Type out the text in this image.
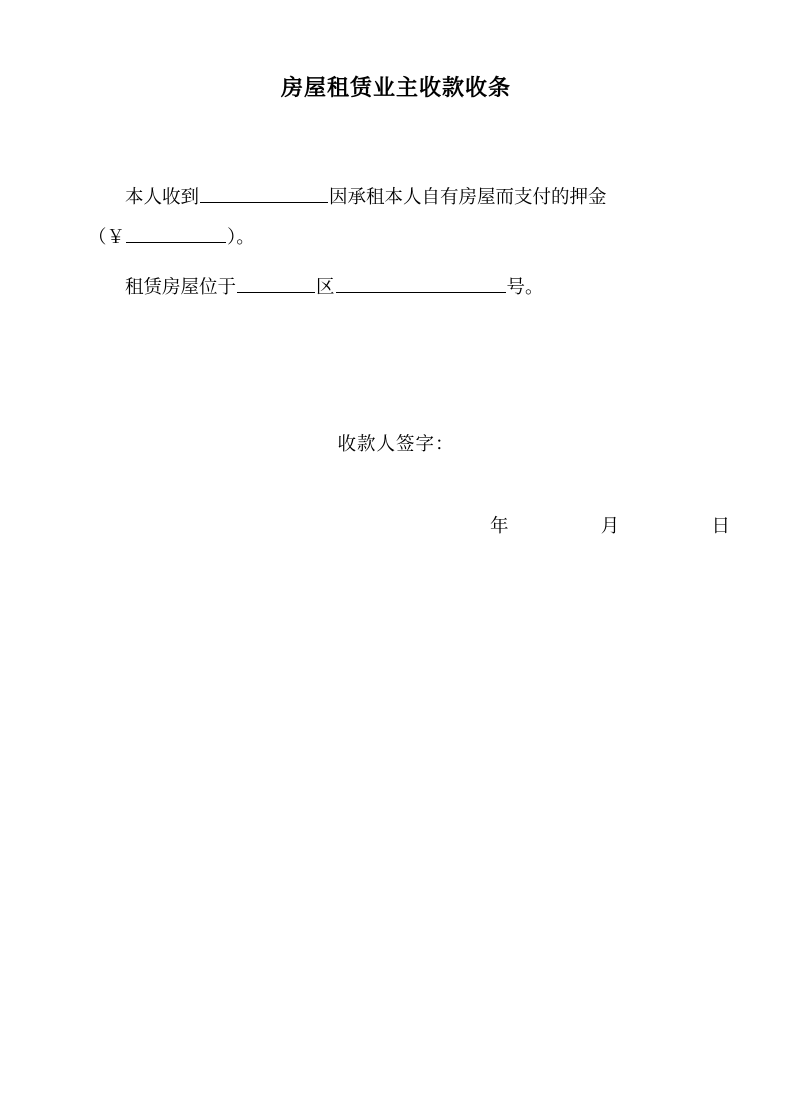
房屋租赁业主收款收条

本人收到	因承租本人自有房屋而支付的押金
（￥	）。

租赁房屋位于	区	号。

收款人签字：
年	月	日
